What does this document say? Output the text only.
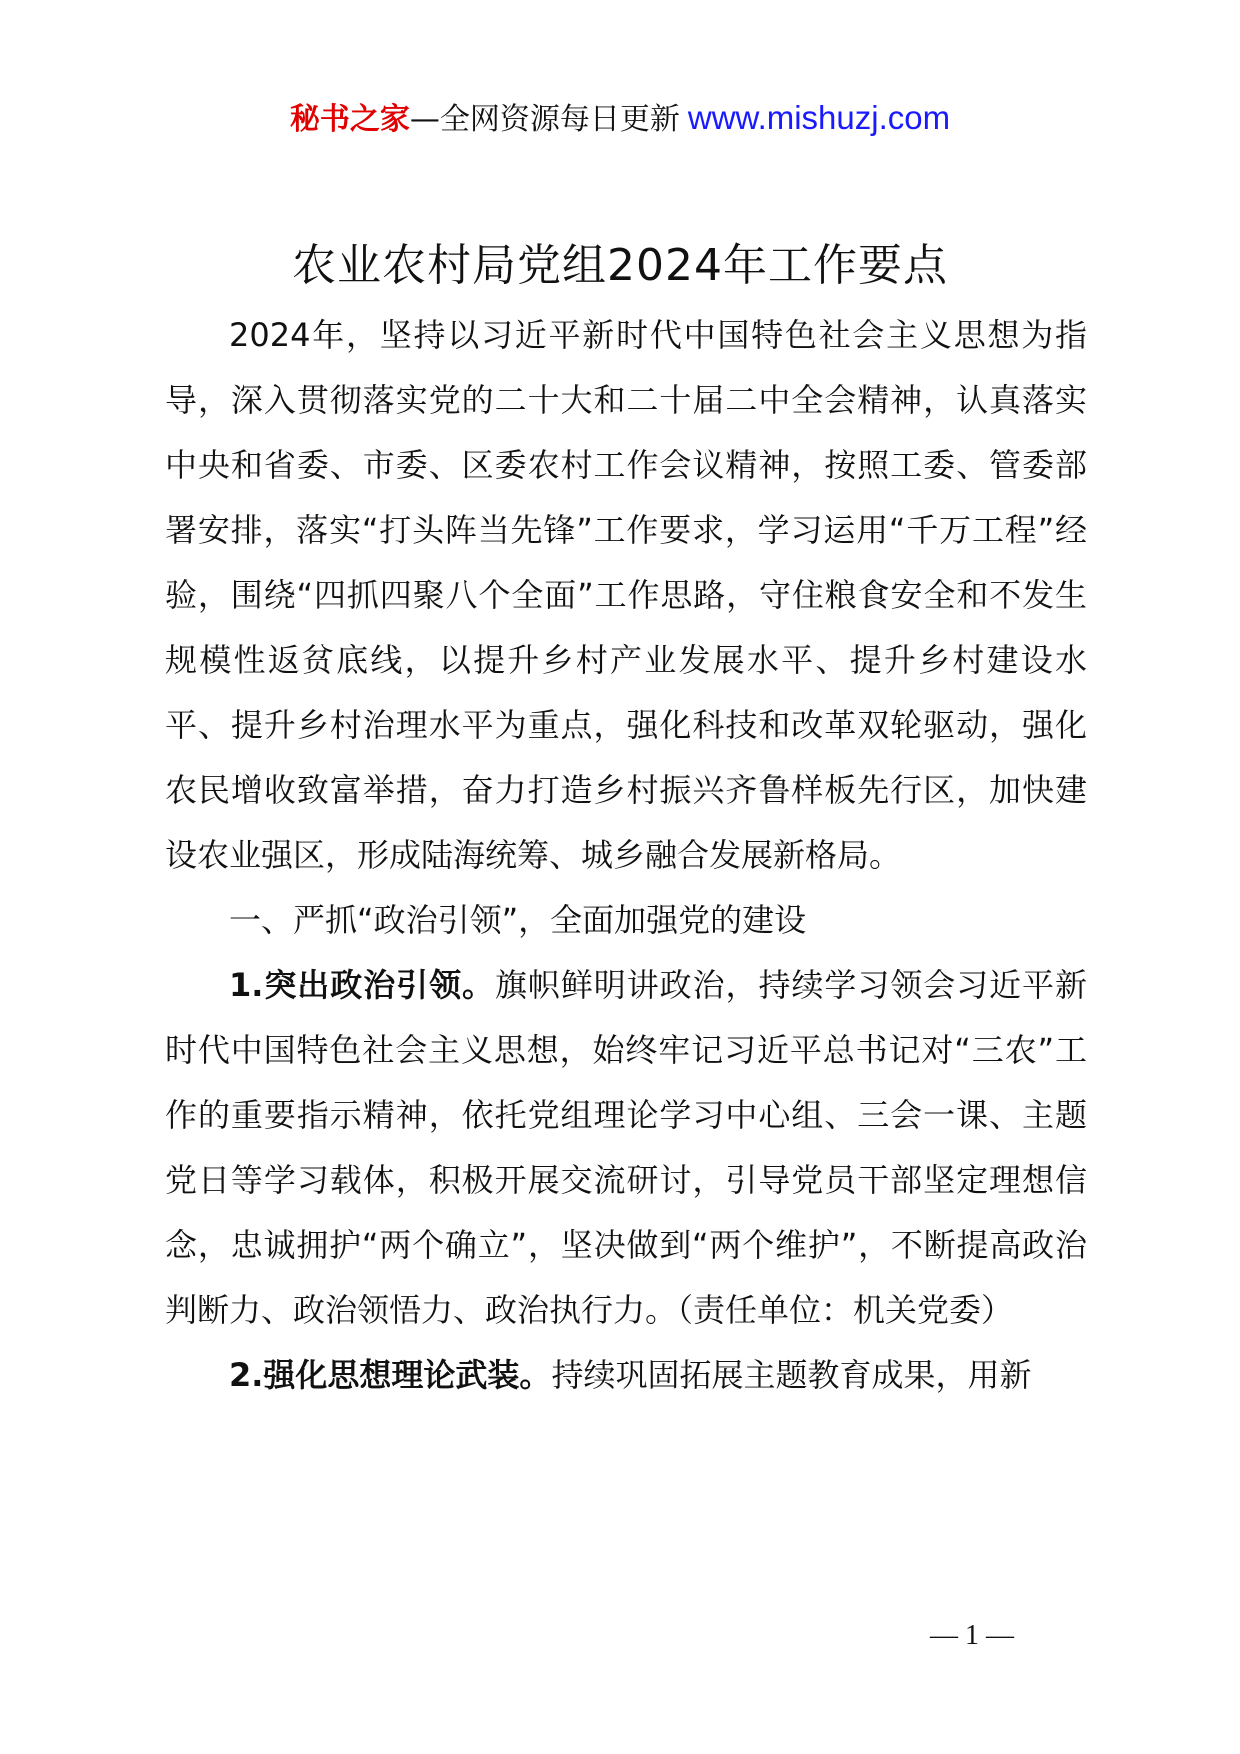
秘书之家—全网资源每日更新 www.mishuzj.com
农业农村局党组2024年工作要点

2024年，坚持以习近平新时代中国特色社会主义思想为指导，深入贯彻落实党的二十大和二十届二中全会精神，认真落实中央和省委、市委、区委农村工作会议精神，按照工委、管委部署安排，落实“打头阵当先锋”工作要求，学习运用“千万工程”经验，围绕“四抓四聚八个全面”工作思路，守住粮食安全和不发生规模性返贫底线，以提升乡村产业发展水平、提升乡村建设水平、提升乡村治理水平为重点，强化科技和改革双轮驱动，强化农民增收致富举措，奋力打造乡村振兴齐鲁样板先行区，加快建设农业强区，形成陆海统筹、城乡融合发展新格局。

一、严抓“政治引领”，全面加强党的建设

1.突出政治引领。旗帜鲜明讲政治，持续学习领会习近平新时代中国特色社会主义思想，始终牢记习近平总书记对“三农”工作的重要指示精神，依托党组理论学习中心组、三会一课、主题党日等学习载体，积极开展交流研讨，引导党员干部坚定理想信念，忠诚拥护“两个确立”，坚决做到“两个维护”，不断提高政治判断力、政治领悟力、政治执行力。（责任单位：机关党委）

2.强化思想理论武装。持续巩固拓展主题教育成果，用新

— 1 —
